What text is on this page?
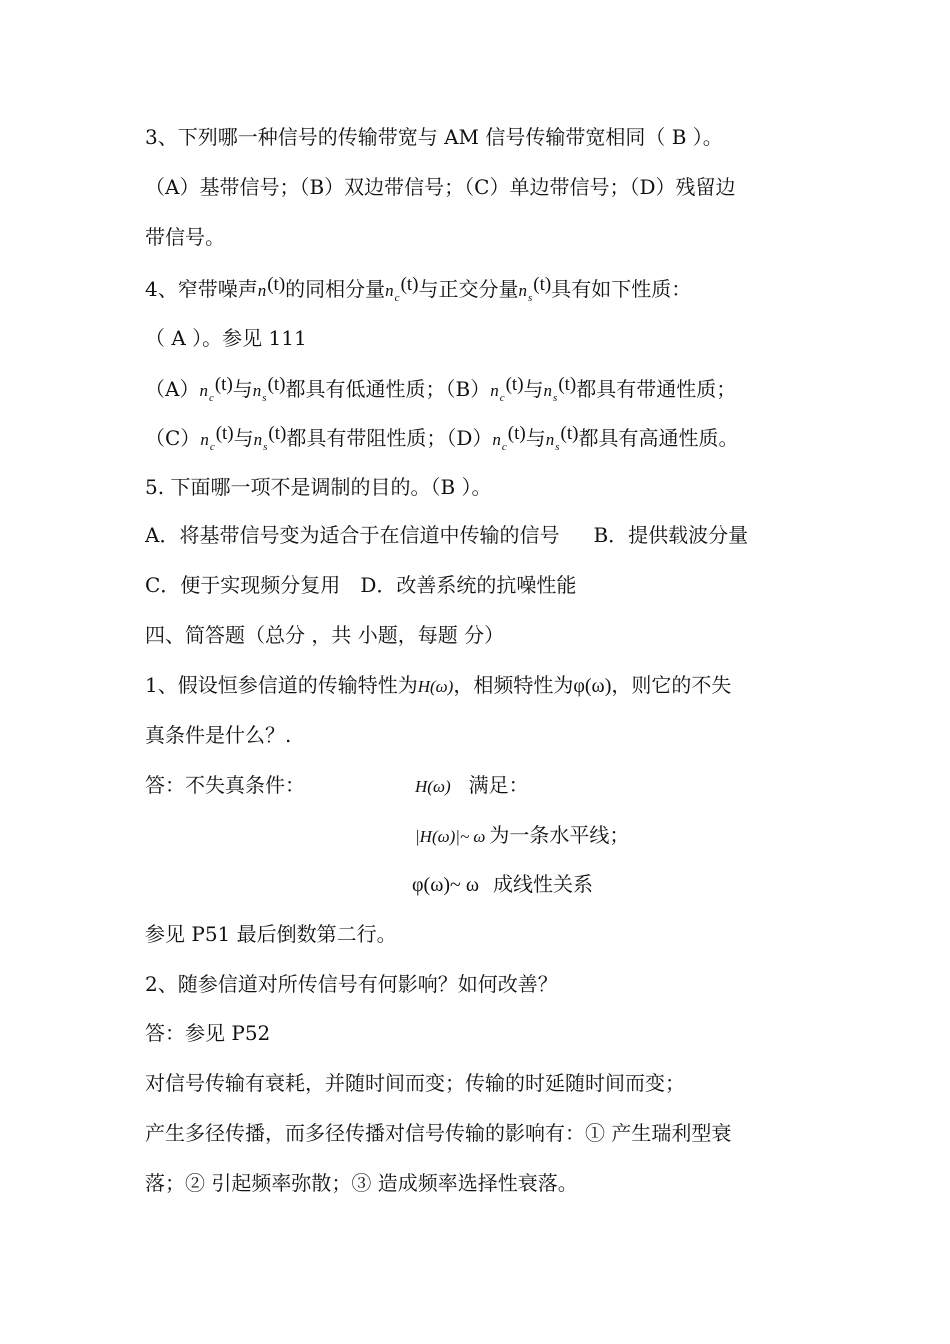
3、下列哪一种信号的传输带宽与 AM 信号传输带宽相同（ B ）。
（A）基带信号；（B）双边带信号；（C）单边带信号；（D）残留边
带信号。
4、窄带噪声n(t)的同相分量$n_c(t)$与正交分量$n_s(t)$具有如下性质：
（ A ）。参见 111
$(A)n_c(t)$与$n_s(t)$都具有低通性质；$(B)n_c(t)$与$n_s(t)$都具有带通性质；
$(C)n_c(t)$与$n_s(t)$都具有带阻性质；$(D)n_c(t)$与$n_s(t)$都具有高通性质。
5. 下面哪一项不是调制的目的。（B ）。
A．将基带信号变为适合于在信道中传输的信号 B．提供载波分量
C．便于实现频分复用 D．改善系统的抗噪性能
四、简答题（总分 ，共 小题，每题 分）
1、假设恒参信道的传输特性为H(ω)，相频特性为φ(ω)，则它的不失
真条件是什么？.
答：不失真条件：	H(ω) 满足：
|H(ω)|~ ω 为一条水平线；
φ(ω)~ ω 成线性关系
参见 P51 最后倒数第二行。
2、随参信道对所传信号有何影响？如何改善？
答：参见 P52
对信号传输有衰耗，并随时间而变；传输的时延随时间而变；
产生多径传播，而多径传播对信号传输的影响有：① 产生瑞利型衰
落；② 引起频率弥散；③ 造成频率选择性衰落。
